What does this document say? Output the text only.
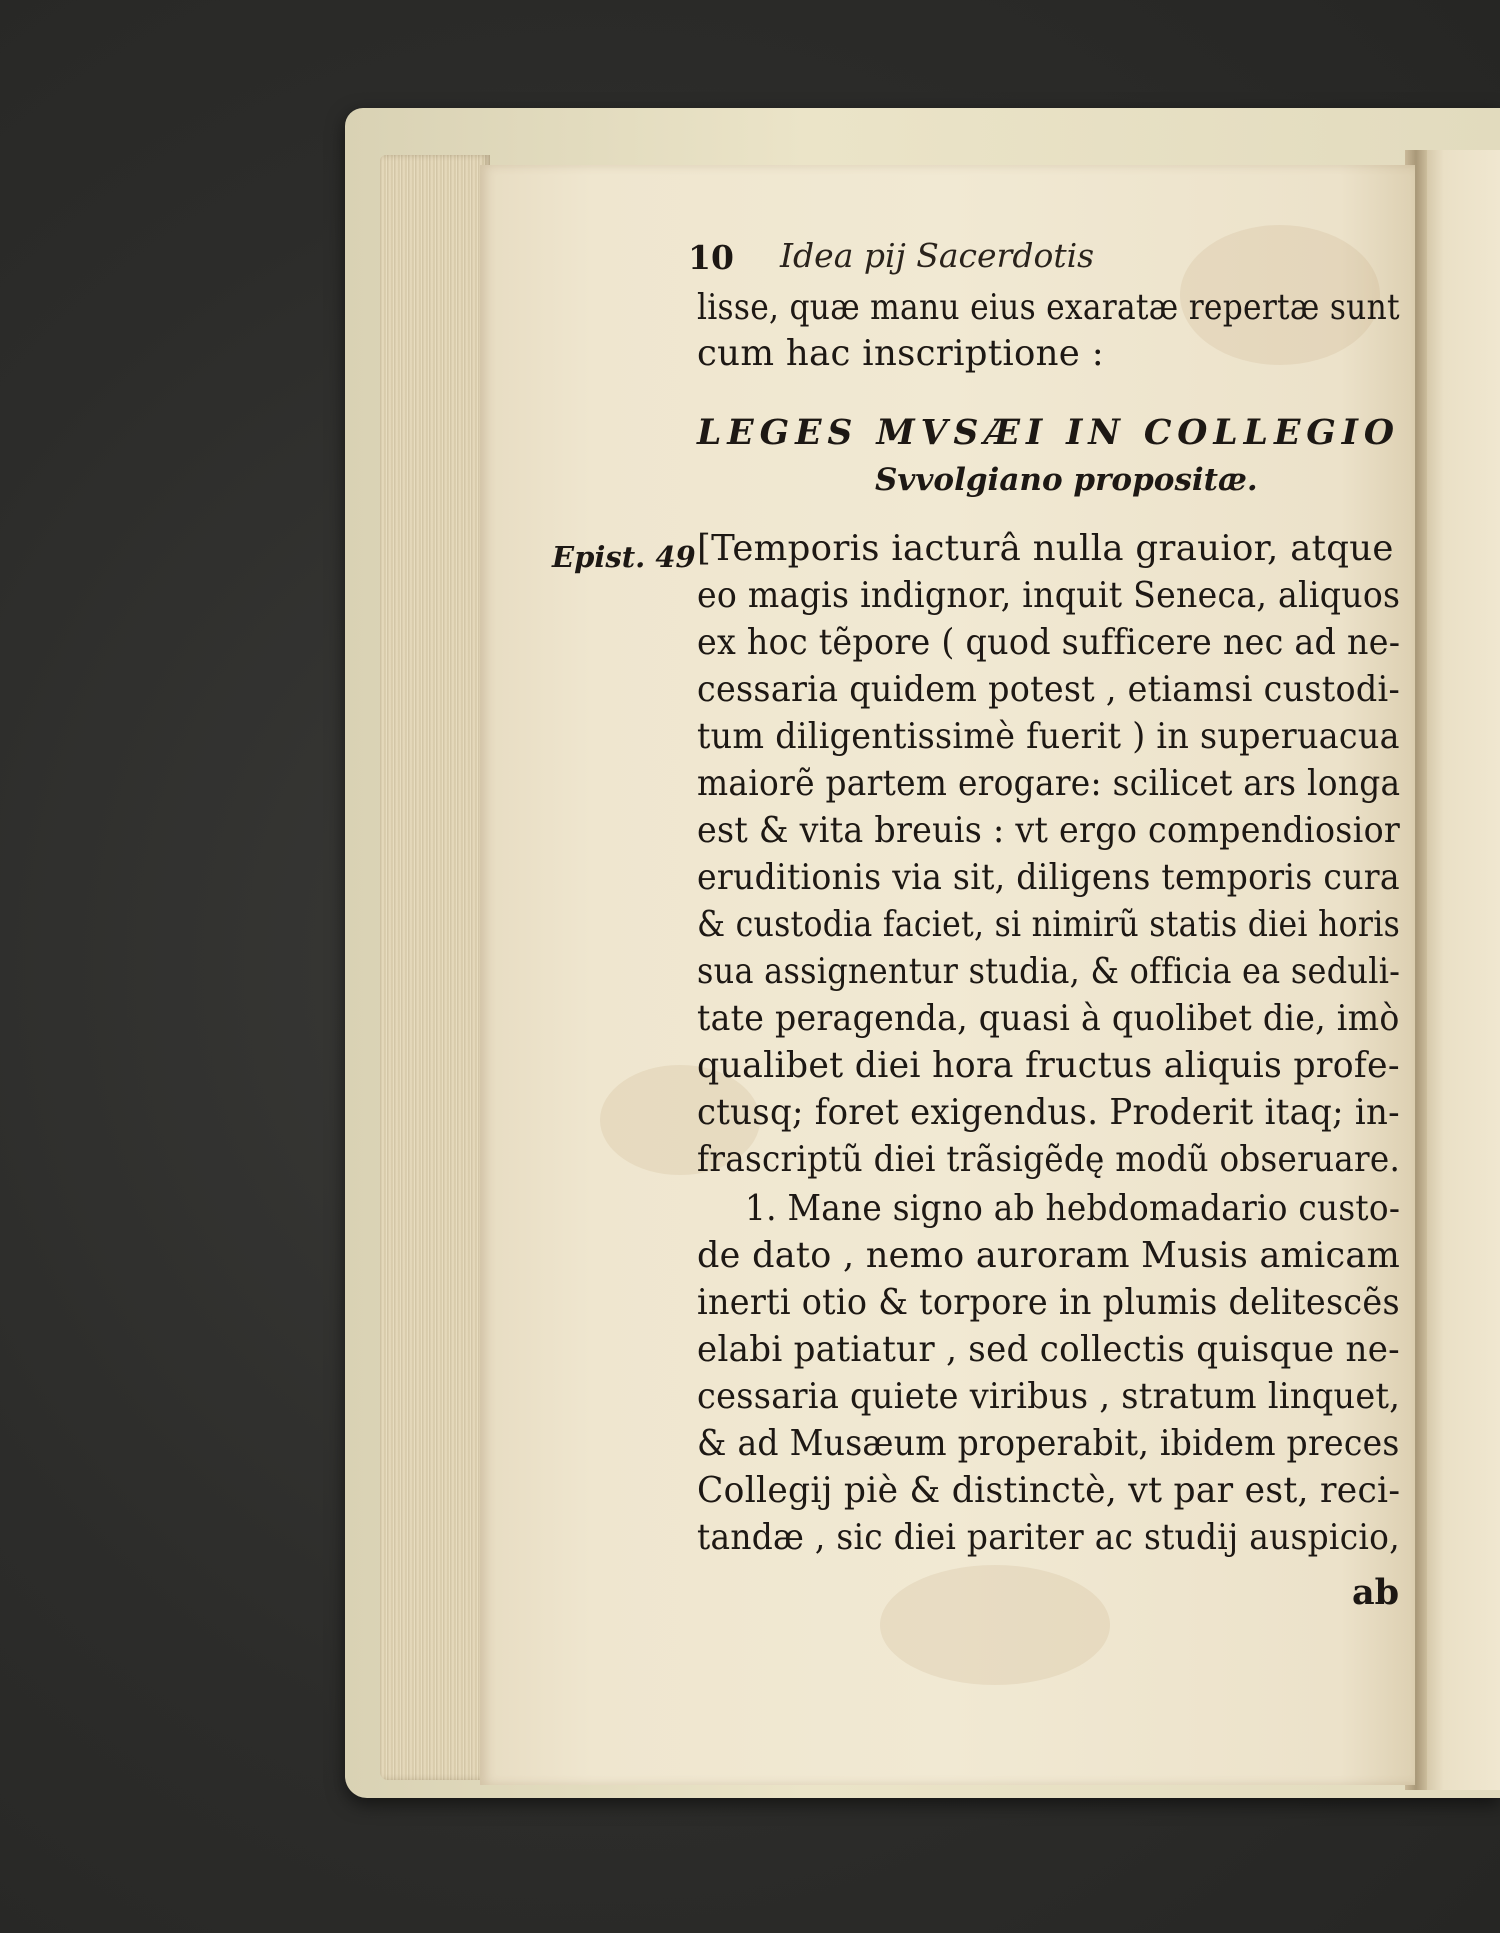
10 Idea pij Sacerdotis
lisse, quæ manu eius exaratæ repertæ sunt
cum hac inscriptione :
LEGES MVSÆI IN COLLEGIO
Svvolgiano propositæ.
Epist. 49 [Temporis iacturâ nulla grauior, atque
eo magis indignor, inquit Seneca, aliquos
ex hoc tẽpore ( quod sufficere nec ad ne-
cessaria quidem potest , etiamsi custodi-
tum diligentissimè fuerit ) in superuacua
maiorẽ partem erogare: scilicet ars longa
est & vita breuis : vt ergo compendiosior
eruditionis via sit, diligens temporis cura
& custodia faciet, si nimirũ statis diei horis
sua assignentur studia, & officia ea seduli-
tate peragenda, quasi à quolibet die, imò
qualibet diei hora fructus aliquis profe-
ctusq; foret exigendus. Proderit itaq; in-
frascriptũ diei trãsigẽdę modũ obseruare.
1. Mane signo ab hebdomadario custo-
de dato , nemo auroram Musis amicam
inerti otio & torpore in plumis delitescẽs
elabi patiatur , sed collectis quisque ne-
cessaria quiete viribus , stratum linquet,
& ad Musæum properabit, ibidem preces
Collegij piè & distinctè, vt par est, reci-
tandæ , sic diei pariter ac studij auspicio,
ab
